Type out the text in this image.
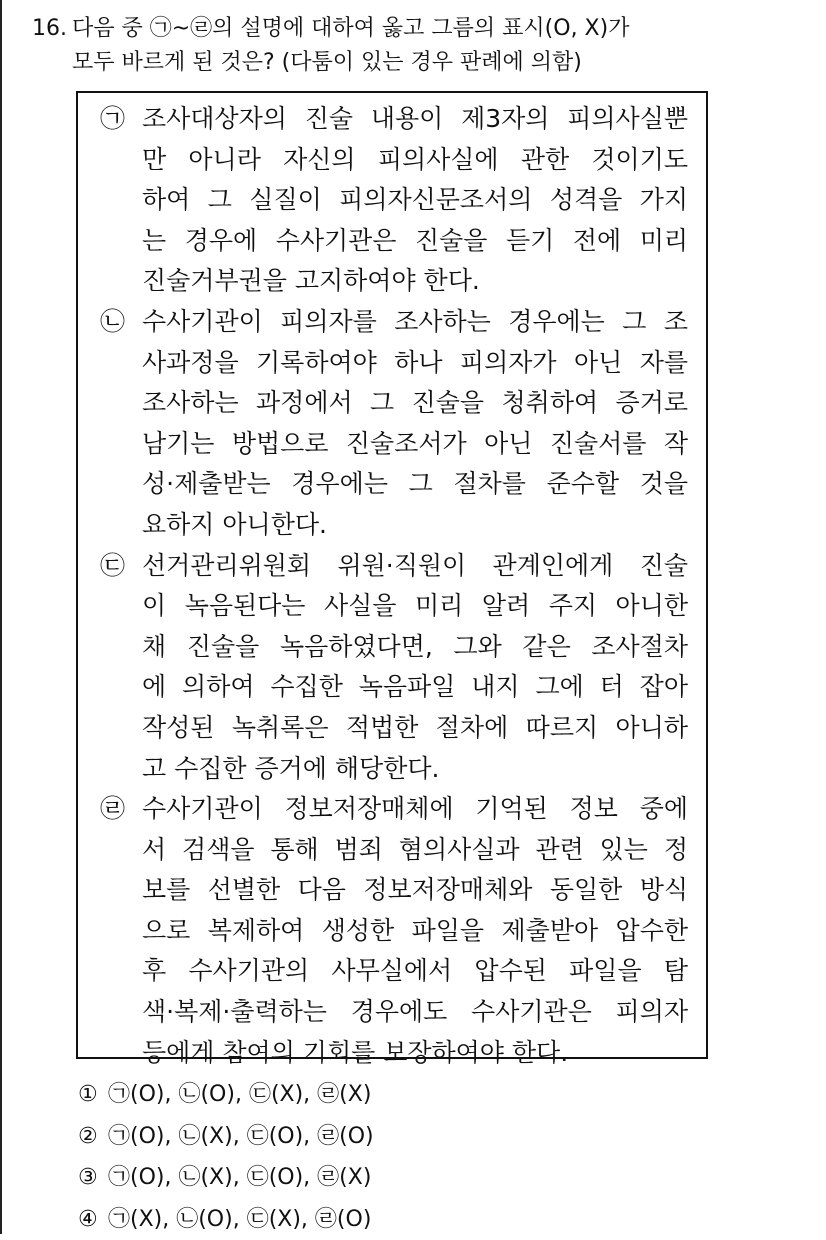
16. 다음 중 ㉠~㉣의 설명에 대하여 옳고 그름의 표시(O, X)가
모두 바르게 된 것은? (다툼이 있는 경우 판례에 의함)
㉠ 조사대상자의 진술 내용이 제3자의 피의사실뿐
만 아니라 자신의 피의사실에 관한 것이기도
하여 그 실질이 피의자신문조서의 성격을 가지
는 경우에 수사기관은 진술을 듣기 전에 미리
진술거부권을 고지하여야 한다.
㉡ 수사기관이 피의자를 조사하는 경우에는 그 조
사과정을 기록하여야 하나 피의자가 아닌 자를
조사하는 과정에서 그 진술을 청취하여 증거로
남기는 방법으로 진술조서가 아닌 진술서를 작
성·제출받는 경우에는 그 절차를 준수할 것을
요하지 아니한다.
㉢ 선거관리위원회 위원·직원이 관계인에게 진술
이 녹음된다는 사실을 미리 알려 주지 아니한
채 진술을 녹음하였다면, 그와 같은 조사절차
에 의하여 수집한 녹음파일 내지 그에 터 잡아
작성된 녹취록은 적법한 절차에 따르지 아니하
고 수집한 증거에 해당한다.
㉣ 수사기관이 정보저장매체에 기억된 정보 중에
서 검색을 통해 범죄 혐의사실과 관련 있는 정
보를 선별한 다음 정보저장매체와 동일한 방식
으로 복제하여 생성한 파일을 제출받아 압수한
후 수사기관의 사무실에서 압수된 파일을 탐
색·복제·출력하는 경우에도 수사기관은 피의자
등에게 참여의 기회를 보장하여야 한다.
① ㉠(O), ㉡(O), ㉢(X), ㉣(X)
② ㉠(O), ㉡(X), ㉢(O), ㉣(O)
③ ㉠(O), ㉡(X), ㉢(O), ㉣(X)
④ ㉠(X), ㉡(O), ㉢(X), ㉣(O)
